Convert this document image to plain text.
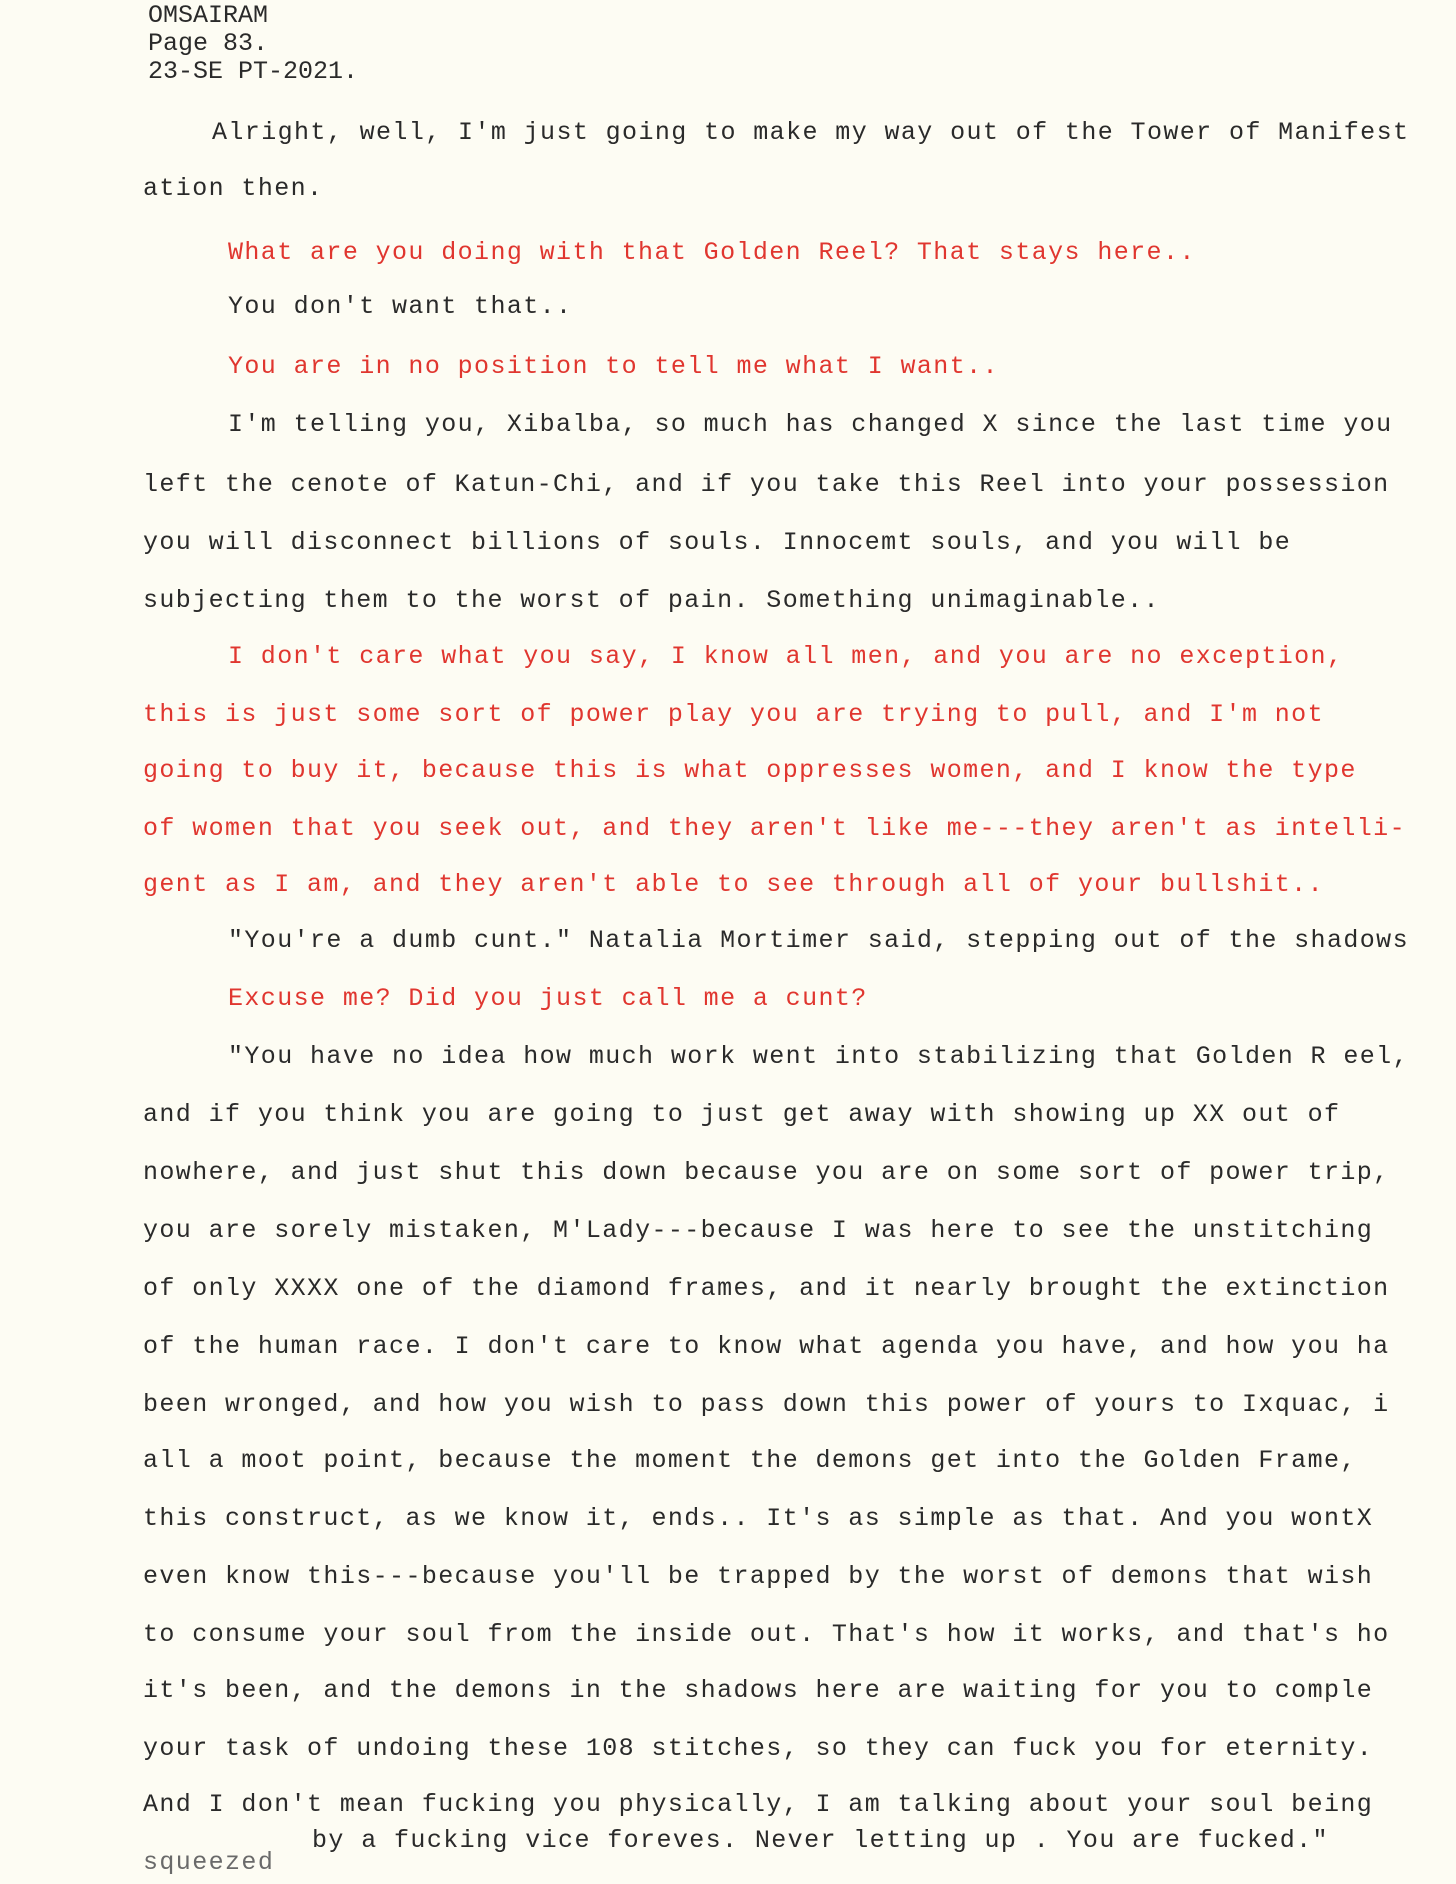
OMSAIRAM
Page 83.
23-SE PT-2021.
Alright, well, I'm just going to make my way out of the Tower of Manifest
ation then.
What are you doing with that Golden Reel? That stays here..
You don't want that..
You are in no position to tell me what I want..
I'm telling you, Xibalba, so much has changed X since the last time you
left the cenote of Katun-Chi, and if you take this Reel into your possession
you will disconnect billions of souls. Innocemt souls, and you will be
subjecting them to the worst of pain. Something unimaginable..
I don't care what you say, I know all men, and you are no exception,
this is just some sort of power play you are trying to pull, and I'm not
going to buy it, because this is what oppresses women, and I know the type
of women that you seek out, and they aren't like me---they aren't as intelli-
gent as I am, and they aren't able to see through all of your bullshit..
"You're a dumb cunt." Natalia Mortimer said, stepping out of the shadows
Excuse me? Did you just call me a cunt?
"You have no idea how much work went into stabilizing that Golden R eel,
and if you think you are going to just get away with showing up XX out of
nowhere, and just shut this down because you are on some sort of power trip,
you are sorely mistaken, M'Lady---because I was here to see the unstitching
of only XXXX one of the diamond frames, and it nearly brought the extinction
of the human race. I don't care to know what agenda you have, and how you ha
been wronged, and how you wish to pass down this power of yours to Ixquac, i
all a moot point, because the moment the demons get into the Golden Frame,
this construct, as we know it, ends.. It's as simple as that. And you wontX
even know this---because you'll be trapped by the worst of demons that wish
to consume your soul from the inside out. That's how it works, and that's ho
it's been, and the demons in the shadows here are waiting for you to comple
your task of undoing these 108 stitches, so they can fuck you for eternity.
And I don't mean fucking you physically, I am talking about your soul being
by a fucking vice foreves. Never letting up . You are fucked."
squeezed
